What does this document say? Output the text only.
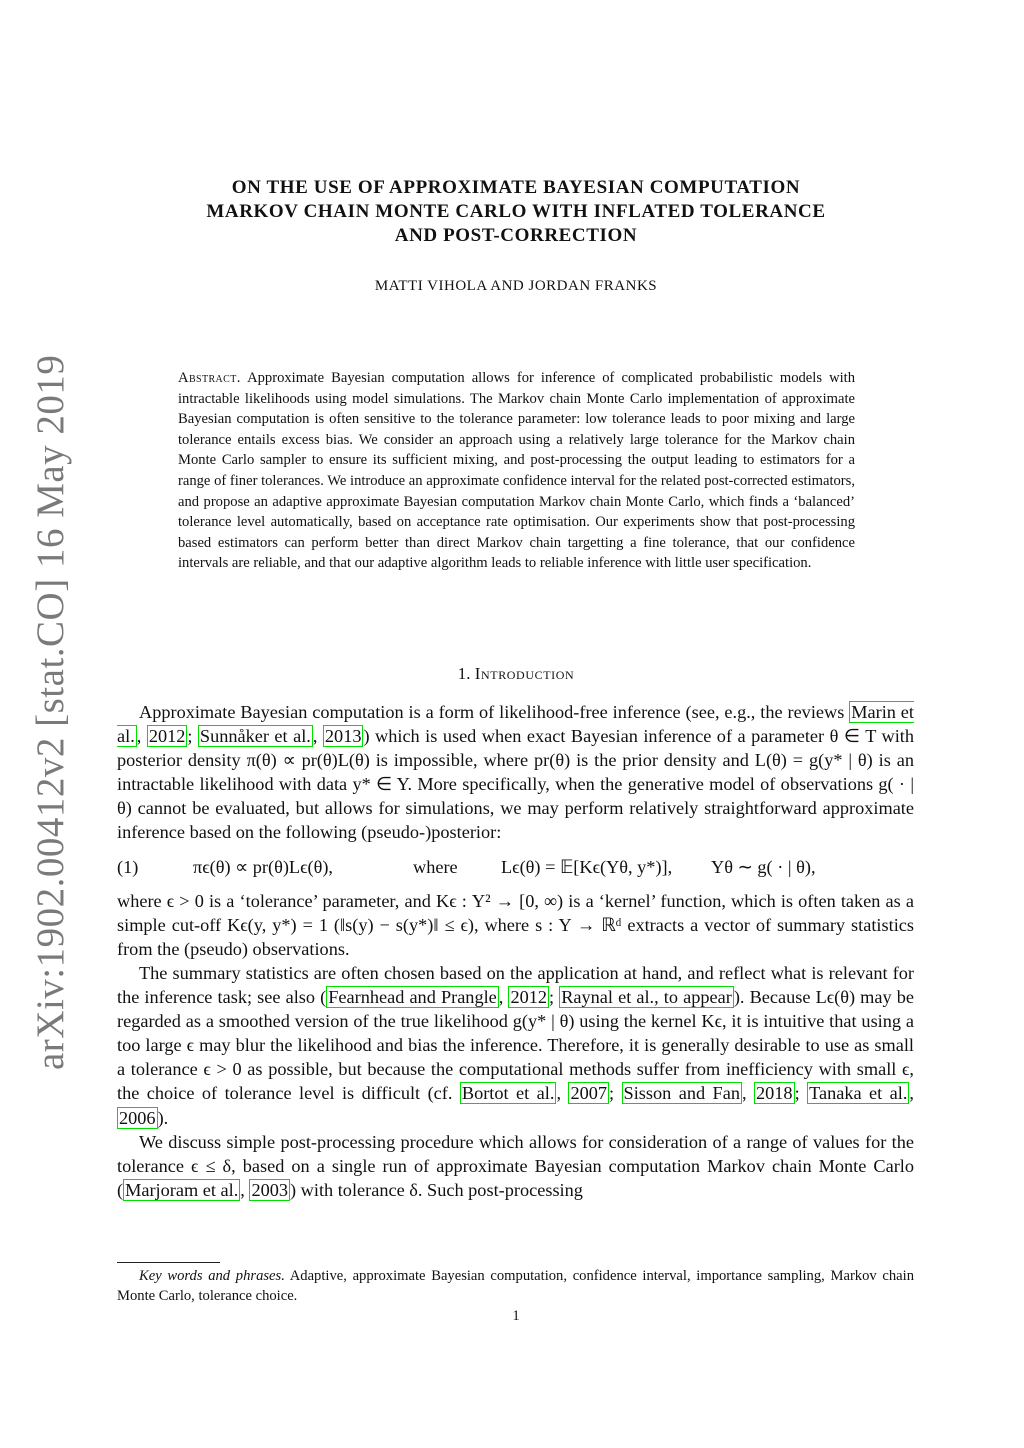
arXiv:1902.00412v2 [stat.CO] 16 May 2019
ON THE USE OF APPROXIMATE BAYESIAN COMPUTATION
MARKOV CHAIN MONTE CARLO WITH INFLATED TOLERANCE
AND POST-CORRECTION
MATTI VIHOLA AND JORDAN FRANKS
Abstract. Approximate Bayesian computation allows for inference of complicated probabilistic models with intractable likelihoods using model simulations. The Markov chain Monte Carlo implementation of approximate Bayesian computation is often sensitive to the tolerance parameter: low tolerance leads to poor mixing and large tolerance entails excess bias. We consider an approach using a relatively large tolerance for the Markov chain Monte Carlo sampler to ensure its sufficient mixing, and post-processing the output leading to estimators for a range of finer tolerances. We introduce an approximate confidence interval for the related post-corrected estimators, and propose an adaptive approximate Bayesian computation Markov chain Monte Carlo, which finds a ‘balanced’ tolerance level automatically, based on acceptance rate optimisation. Our experiments show that post-processing based estimators can perform better than direct Markov chain targetting a fine tolerance, that our confidence intervals are reliable, and that our adaptive algorithm leads to reliable inference with little user specification.
1. Introduction

Approximate Bayesian computation is a form of likelihood-free inference (see, e.g., the reviews Marin et al. , 2012 ; Sunnåker et al. , 2013 ) which is used when exact Bayesian inference of a parameter θ ∈ T with posterior density π(θ) ∝ pr(θ)L(θ) is impossible, where pr(θ) is the prior density and L(θ) = g(y* | θ) is an intractable likelihood with data y* ∈ Y. More specifically, when the generative model of observations g( · | θ) cannot be evaluated, but allows for simulations, we may perform relatively straightforward approximate inference based on the following (pseudo-)posterior:

(1)	πϵ(θ) ∝ pr(θ)Lϵ(θ),	where	Lϵ(θ) = 𝔼[Kϵ(Yθ, y*)],	Yθ ∼ g( · | θ),

where ϵ > 0 is a ‘tolerance’ parameter, and Kϵ : Y² → [0, ∞) is a ‘kernel’ function, which is often taken as a simple cut-off Kϵ(y, y*) = 1 (‖s(y) − s(y*)‖ ≤ ϵ), where s : Y → ℝᵈ extracts a vector of summary statistics from the (pseudo) observations.

The summary statistics are often chosen based on the application at hand, and reflect what is relevant for the inference task; see also ( Fearnhead and Prangle , 2012 ; Raynal et al., to appear ). Because Lϵ(θ) may be regarded as a smoothed version of the true likelihood g(y* | θ) using the kernel Kϵ, it is intuitive that using a too large ϵ may blur the likelihood and bias the inference. Therefore, it is generally desirable to use as small a tolerance ϵ > 0 as possible, but because the computational methods suffer from inefficiency with small ϵ, the choice of tolerance level is difficult (cf. Bortot et al. , 2007 ; Sisson and Fan , 2018 ; Tanaka et al. , 2006 ).

We discuss simple post-processing procedure which allows for consideration of a range of values for the tolerance ϵ ≤ δ, based on a single run of approximate Bayesian computation Markov chain Monte Carlo ( Marjoram et al. , 2003 ) with tolerance δ. Such post-processing

Key words and phrases. Adaptive, approximate Bayesian computation, confidence interval, importance sampling, Markov chain Monte Carlo, tolerance choice.
1
